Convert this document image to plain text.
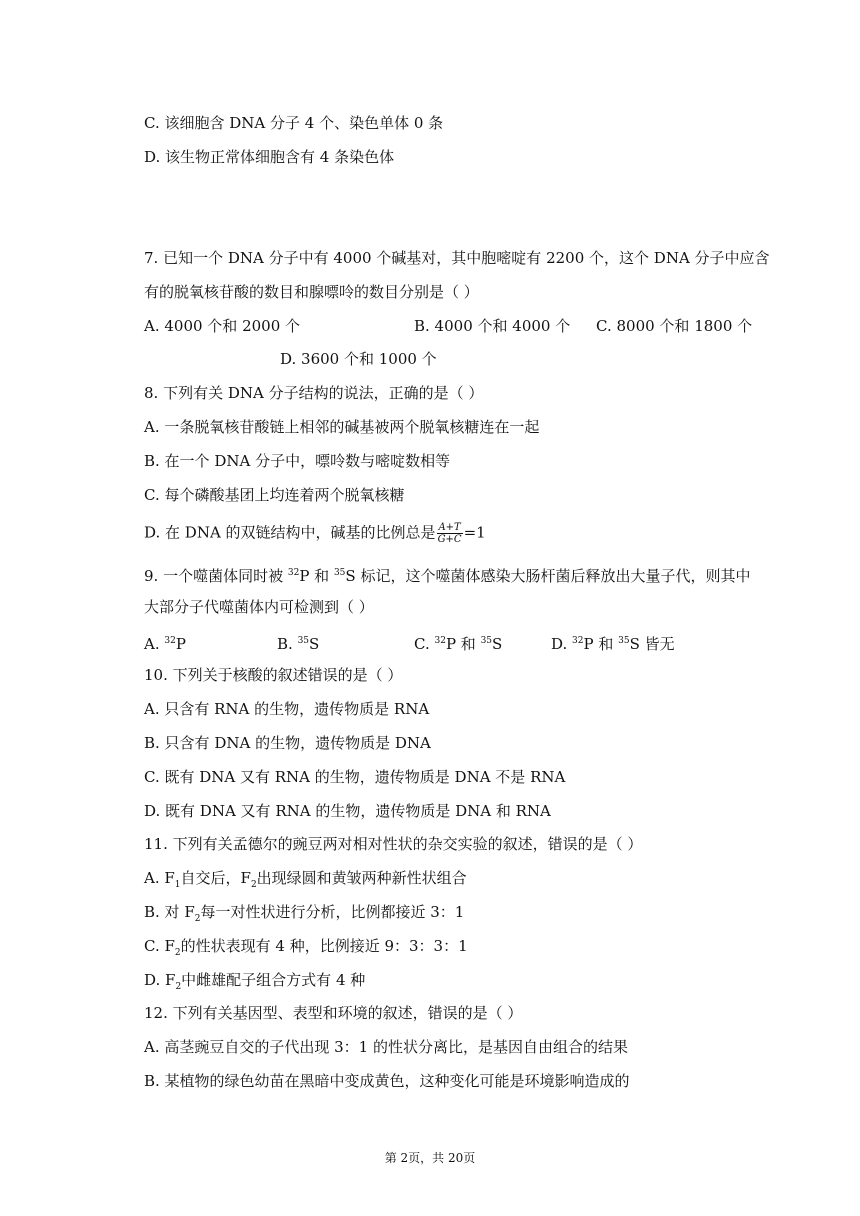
C. 该细胞含 DNA 分子 4 个、染色单体 0 条
D. 该生物正常体细胞含有 4 条染色体
7. 已知一个 DNA 分子中有 4000 个碱基对，其中胞嘧啶有 2200 个，这个 DNA 分子中应含
有的脱氧核苷酸的数目和腺嘌呤的数目分别是（ ）
A. 4000 个和 2000 个	B. 4000 个和 4000 个 C. 8000 个和 1800 个
D. 3600 个和 1000 个
8. 下列有关 DNA 分子结构的说法，正确的是（ ）
A. 一条脱氧核苷酸链上相邻的碱基被两个脱氧核糖连在一起
B. 在一个 DNA 分子中，嘌呤数与嘧啶数相等
C. 每个磷酸基团上均连着两个脱氧核糖
D. 在 DNA 的双链结构中，碱基的比例总是 $\frac{A+T}{G+C} =1$
9. 一个噬菌体同时被 $^{32}$P 和 $^{35}$S 标记，这个噬菌体感染大肠杆菌后释放出大量子代，则其中
大部分子代噬菌体内可检测到（ ）
A. $^{32}$P	B. $^{35}$S	C. $^{32}$P 和 $^{35}$S	D. $^{32}$P 和 $^{35}$S 皆无
10. 下列关于核酸的叙述错误的是（ ）
A. 只含有 RNA 的生物，遗传物质是 RNA
B. 只含有 DNA 的生物，遗传物质是 DNA
C. 既有 DNA 又有 RNA 的生物，遗传物质是 DNA 不是 RNA
D. 既有 DNA 又有 RNA 的生物，遗传物质是 DNA 和 RNA
11. 下列有关孟德尔的豌豆两对相对性状的杂交实验的叙述，错误的是（ ）
A. $F_1$自交后，$F_2$出现绿圆和黄皱两种新性状组合
B. 对 $F_2$每一对性状进行分析，比例都接近 3：1
C. $F_2$的性状表现有 4 种，比例接近 9：3：3：1
D. $F_2$中雌雄配子组合方式有 4 种
12. 下列有关基因型、表型和环境的叙述，错误的是（ ）
A. 高茎豌豆自交的子代出现 3：1 的性状分离比，是基因自由组合的结果
B. 某植物的绿色幼苗在黑暗中变成黄色，这种变化可能是环境影响造成的
第 2页，共 20页
